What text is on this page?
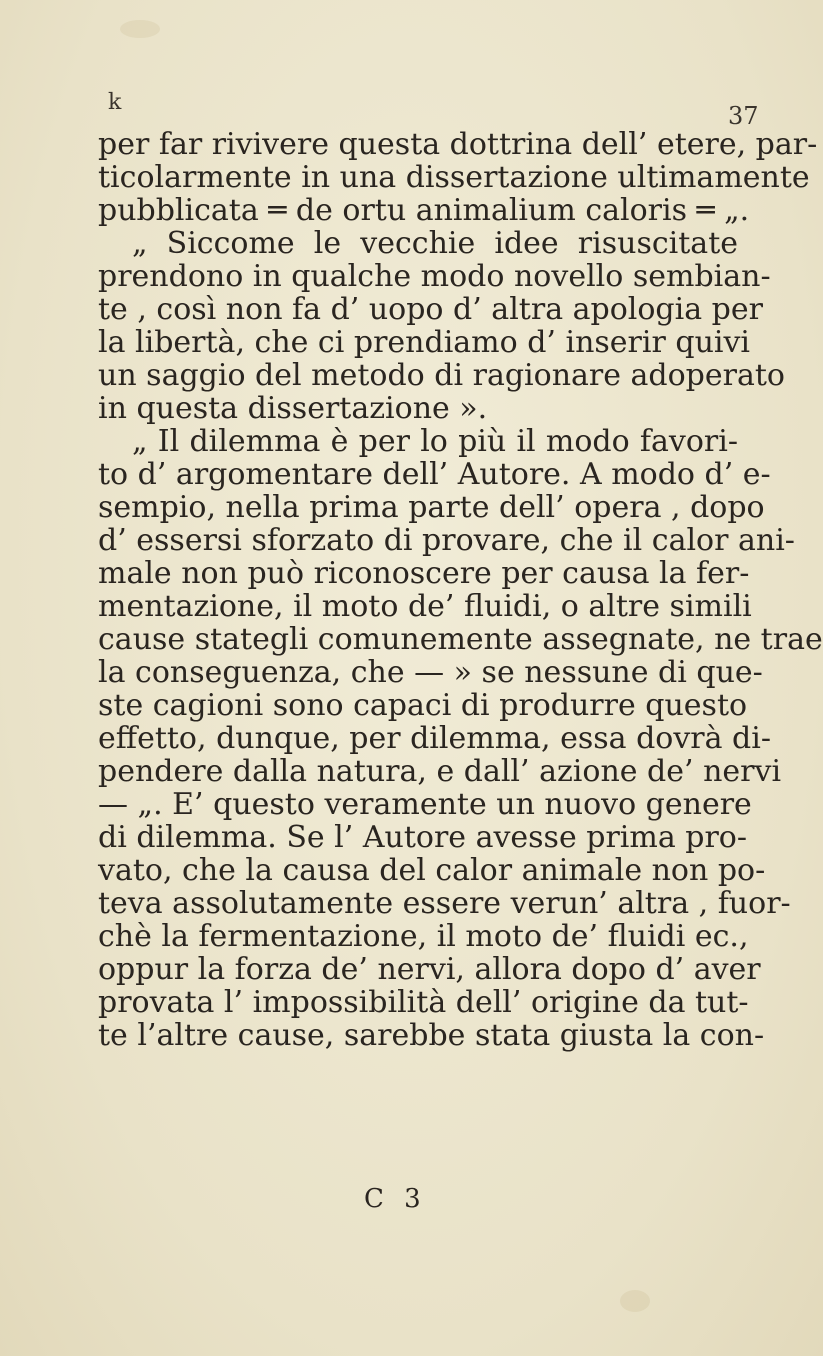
k	37
per far rivivere questa dottrina dell’ etere, par-
ticolarmente in una dissertazione ultimamente
pubblicata ═ de ortu animalium caloris ═ „.
„ Siccome le vecchie idee risuscitate
prendono in qualche modo novello sembian-
te , così non fa d’ uopo d’ altra apologia per
la libertà, che ci prendiamo d’ inserir quivi
un saggio del metodo di ragionare adoperato
in questa dissertazione ».
„ Il dilemma è per lo più il modo favori-
to d’ argomentare dell’ Autore. A modo d’ e-
sempio, nella prima parte dell’ opera , dopo
d’ essersi sforzato di provare, che il calor ani-
male non può riconoscere per causa la fer-
mentazione, il moto de’ fluidi, o altre simili
cause stategli comunemente assegnate, ne trae
la conseguenza, che — » se nessune di que-
ste cagioni sono capaci di produrre questo
effetto, dunque, per dilemma, essa dovrà di-
pendere dalla natura, e dall’ azione de’ nervi
— „. E’ questo veramente un nuovo genere
di dilemma. Se l’ Autore avesse prima pro-
vato, che la causa del calor animale non po-
teva assolutamente essere verun’ altra , fuor-
chè la fermentazione, il moto de’ fluidi ec.,
oppur la forza de’ nervi, allora dopo d’ aver
provata l’ impossibilità dell’ origine da tut-
te l’altre cause, sarebbe stata giusta la con-
C 3
